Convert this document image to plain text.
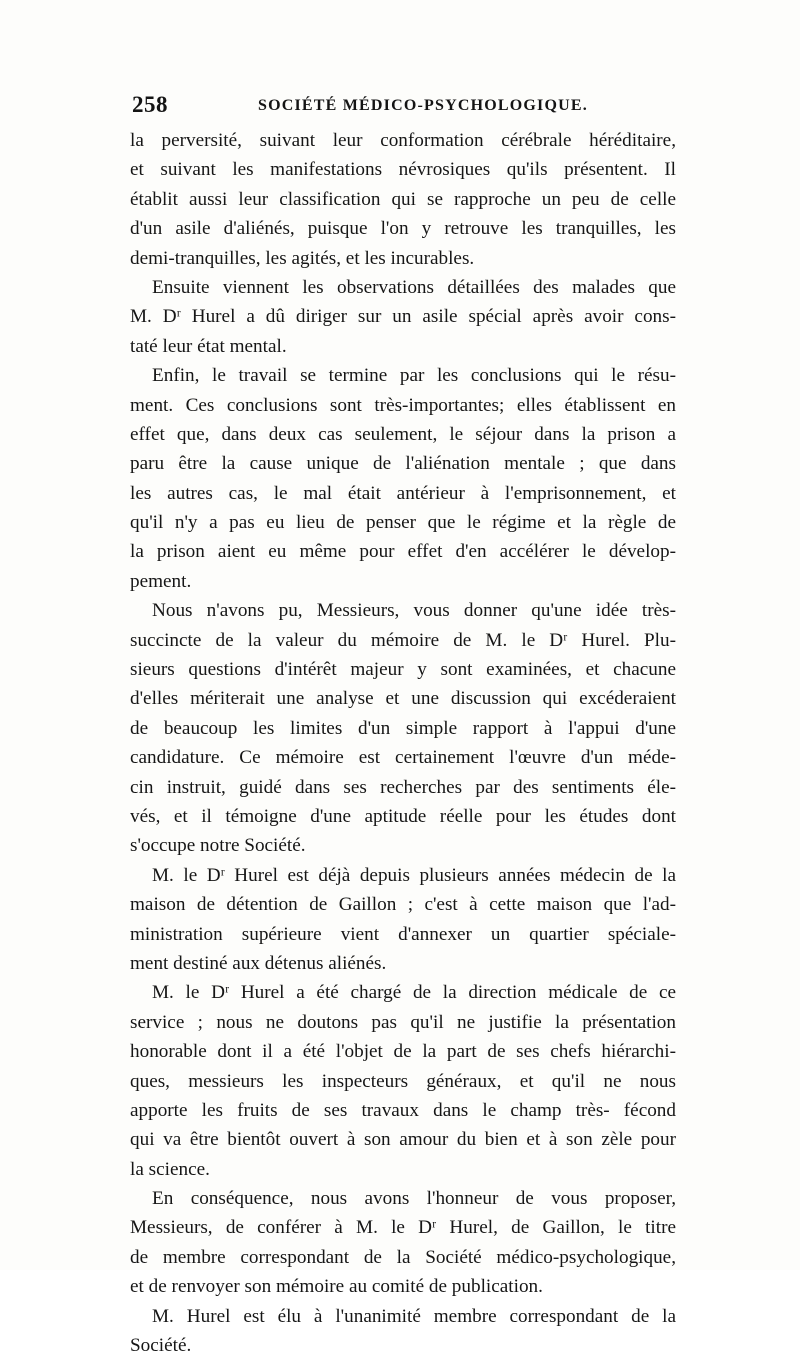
258	SOCIÉTÉ MÉDICO-PSYCHOLOGIQUE.
la perversité, suivant leur conformation cérébrale héréditaire,
et suivant les manifestations névrosiques qu'ils présentent. Il
établit aussi leur classification qui se rapproche un peu de celle
d'un asile d'aliénés, puisque l'on y retrouve les tranquilles, les
demi-tranquilles, les agités, et les incurables.
Ensuite viennent les observations détaillées des malades que
M. Dʳ Hurel a dû diriger sur un asile spécial après avoir cons-
taté leur état mental.
Enfin, le travail se termine par les conclusions qui le résu-
ment. Ces conclusions sont très-importantes; elles établissent en
effet que, dans deux cas seulement, le séjour dans la prison a
paru être la cause unique de l'aliénation mentale ; que dans
les autres cas, le mal était antérieur à l'emprisonnement, et
qu'il n'y a pas eu lieu de penser que le régime et la règle de
la prison aient eu même pour effet d'en accélérer le dévelop-
pement.
Nous n'avons pu, Messieurs, vous donner qu'une idée très-
succincte de la valeur du mémoire de M. le Dʳ Hurel. Plu-
sieurs questions d'intérêt majeur y sont examinées, et chacune
d'elles mériterait une analyse et une discussion qui excéderaient
de beaucoup les limites d'un simple rapport à l'appui d'une
candidature. Ce mémoire est certainement l'œuvre d'un méde-
cin instruit, guidé dans ses recherches par des sentiments éle-
vés, et il témoigne d'une aptitude réelle pour les études dont
s'occupe notre Société.
M. le Dʳ Hurel est déjà depuis plusieurs années médecin de la
maison de détention de Gaillon ; c'est à cette maison que l'ad-
ministration supérieure vient d'annexer un quartier spéciale-
ment destiné aux détenus aliénés.
M. le Dʳ Hurel a été chargé de la direction médicale de ce
service ; nous ne doutons pas qu'il ne justifie la présentation
honorable dont il a été l'objet de la part de ses chefs hiérarchi-
ques, messieurs les inspecteurs généraux, et qu'il ne nous
apporte les fruits de ses travaux dans le champ très- fécond
qui va être bientôt ouvert à son amour du bien et à son zèle pour
la science.
En conséquence, nous avons l'honneur de vous proposer,
Messieurs, de conférer à M. le Dʳ Hurel, de Gaillon, le titre
de membre correspondant de la Société médico-psychologique,
et de renvoyer son mémoire au comité de publication.
M. Hurel est élu à l'unanimité membre correspondant de la
Société.
